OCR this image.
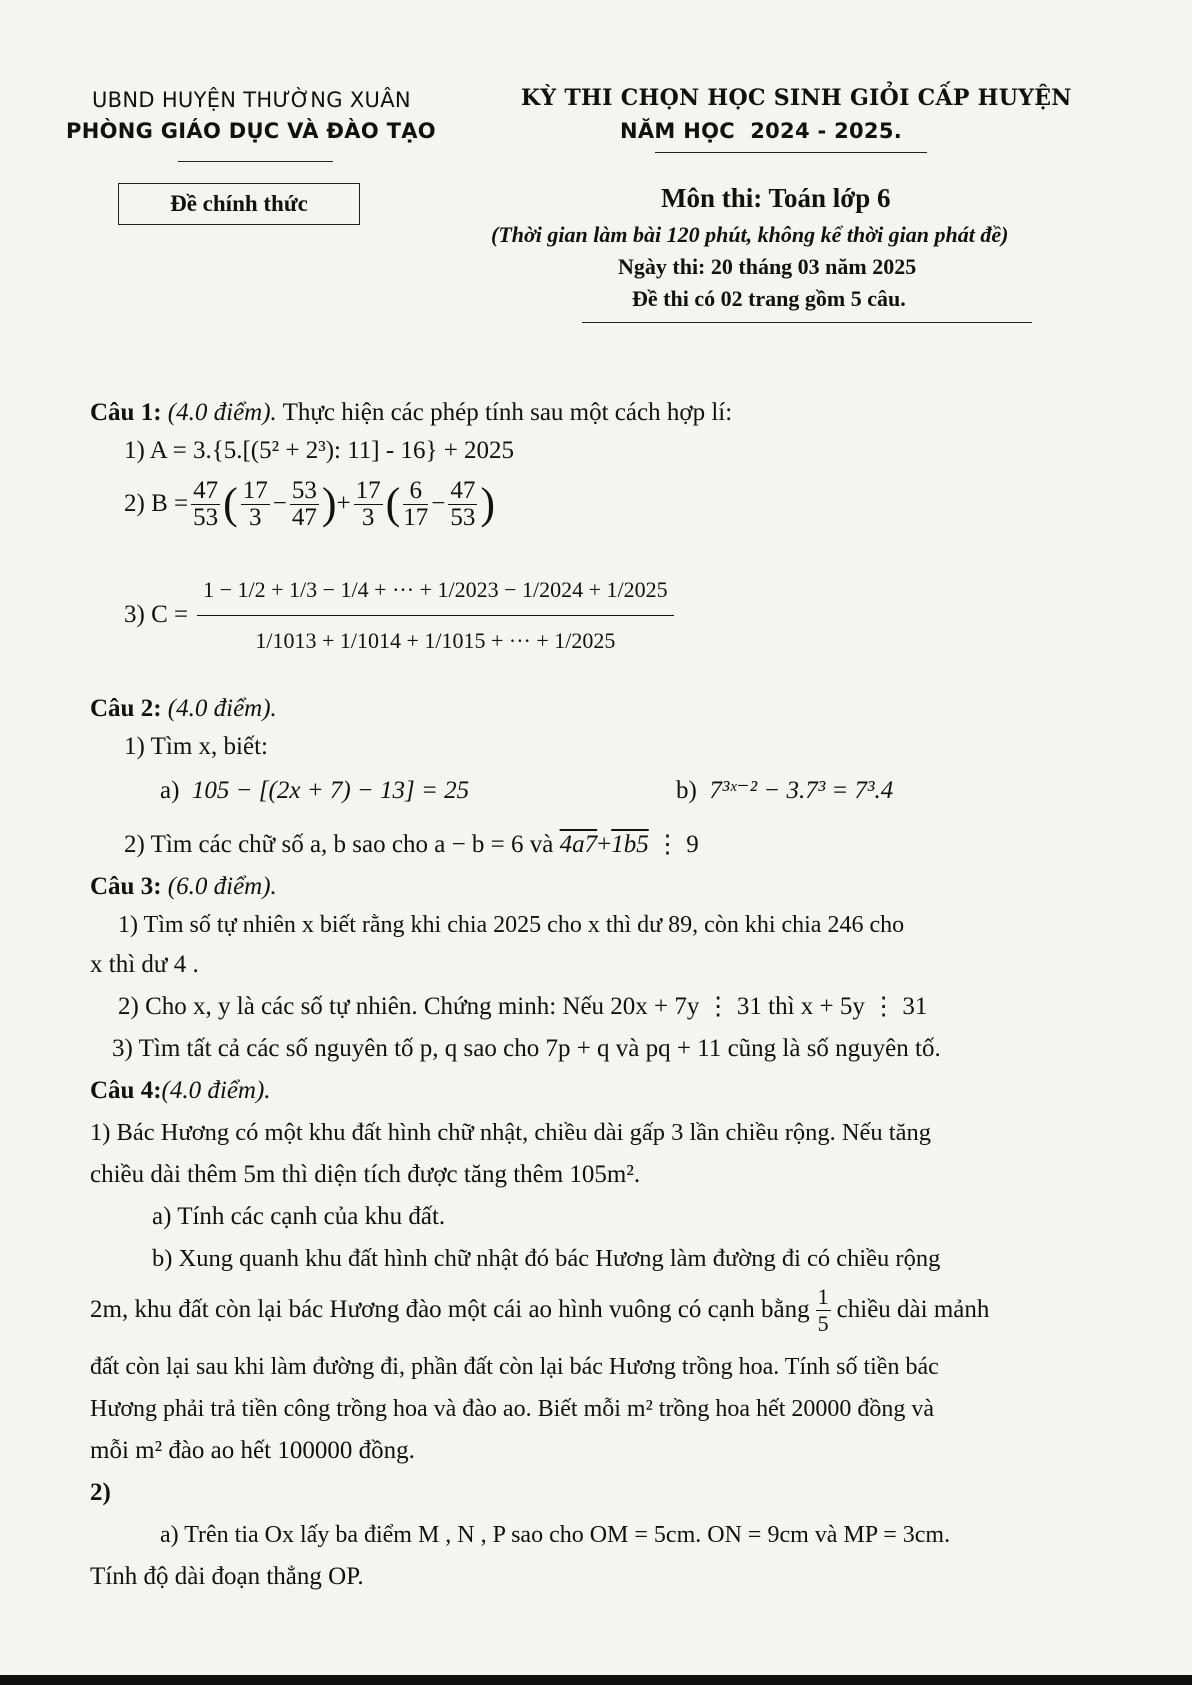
UBND HUYỆN THƯỜNG XUÂN
PHÒNG GIÁO DỤC VÀ ĐÀO TẠO
KỲ THI CHỌN HỌC SINH GIỎI CẤP HUYỆN
NĂM HỌC 2024 - 2025.
Đề chính thức	Môn thi: Toán lớp 6
(Thời gian làm bài 120 phút, không kể thời gian phát đề)
Ngày thi: 20 tháng 03 năm 2025
Đề thi có 02 trang gồm 5 câu.
Câu 1: (4.0 điểm). Thực hiện các phép tính sau một cách hợp lí:
1) A = 3.{5.[(5² + 2³): 11] - 16} + 2025
2) $B = \frac{47}{53}$ ( $\frac{17}{3} - \frac{53}{47}$ ) + $\frac{17}{3}$ ( $\frac{6}{17} - \frac{47}{53}$ )
3) $C = \frac{1 - 1/2 + 1/3 - 1/4 + \cdot\cdot\cdot + 1/2023 - 1/2024 + 1/2025}{1/1013 + 1/1014 + 1/1015 + \cdot\cdot\cdot + 1/2025}$
Câu 2: (4.0 điểm).
1) Tìm x, biết:
a) 105 − [(2x + 7) − 13] = 25	b) 7³ˣ⁻² − 3.7³ = 7³.4
2) Tìm các chữ số a, b sao cho a − b = 6 và 4a7+1b5 ⋮ 9
Câu 3: (6.0 điểm).
1) Tìm số tự nhiên x biết rằng khi chia 2025 cho x thì dư 89, còn khi chia 246 cho
x thì dư 4 .
2) Cho x, y là các số tự nhiên. Chứng minh: Nếu 20x + 7y ⋮ 31 thì x + 5y ⋮ 31
3) Tìm tất cả các số nguyên tố p, q sao cho 7p + q và pq + 11 cũng là số nguyên tố.
Câu 4:(4.0 điểm).
1) Bác Hương có một khu đất hình chữ nhật, chiều dài gấp 3 lần chiều rộng. Nếu tăng
chiều dài thêm 5m thì diện tích được tăng thêm 105m².
a) Tính các cạnh của khu đất.
b) Xung quanh khu đất hình chữ nhật đó bác Hương làm đường đi có chiều rộng
2m, khu đất còn lại bác Hương đào một cái ao hình vuông có cạnh bằng $\frac{1}{5}$ chiều dài mảnh
đất còn lại sau khi làm đường đi, phần đất còn lại bác Hương trồng hoa. Tính số tiền bác
Hương phải trả tiền công trồng hoa và đào ao. Biết mỗi m² trồng hoa hết 20000 đồng và
mỗi m² đào ao hết 100000 đồng.
2)
a) Trên tia Ox lấy ba điểm M , N , P sao cho OM = 5cm. ON = 9cm và MP = 3cm.
Tính độ dài đoạn thẳng OP.
